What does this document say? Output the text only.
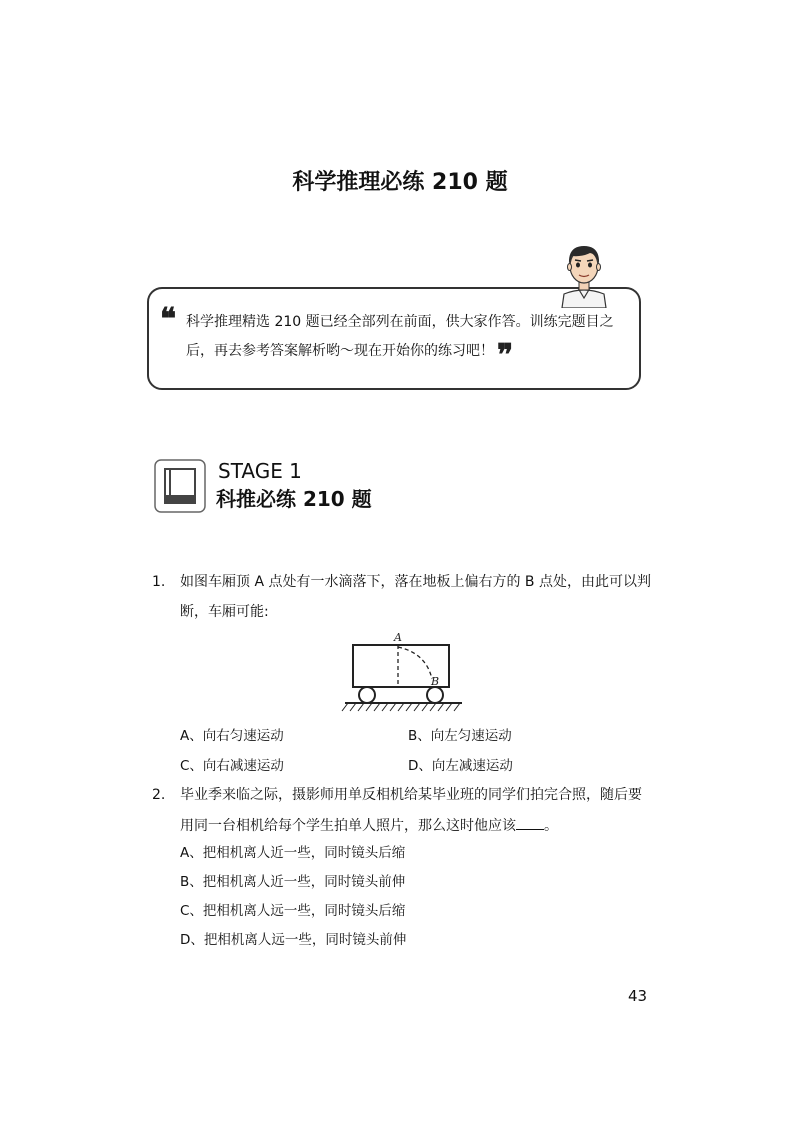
科学推理必练 210 题
❝ 科学推理精选 210 题已经全部列在前面，供大家作答。训练完题目之
后，再去参考答案解析哟～现在开始你的练习吧！ ❞
STAGE 1
科推必练 210 题
1. 如图车厢顶 A 点处有一水滴落下，落在地板上偏右方的 B 点处，由此可以判
断，车厢可能:
A
B
A、向右匀速运动	B、向左匀速运动
C、向右减速运动	D、向左减速运动
2. 毕业季来临之际，摄影师用单反相机给某毕业班的同学们拍完合照，随后要
用同一台相机给每个学生拍单人照片，那么这时他应该 。
A、把相机离人近一些，同时镜头后缩
B、把相机离人近一些，同时镜头前伸
C、把相机离人远一些，同时镜头后缩
D、把相机离人远一些，同时镜头前伸
43
